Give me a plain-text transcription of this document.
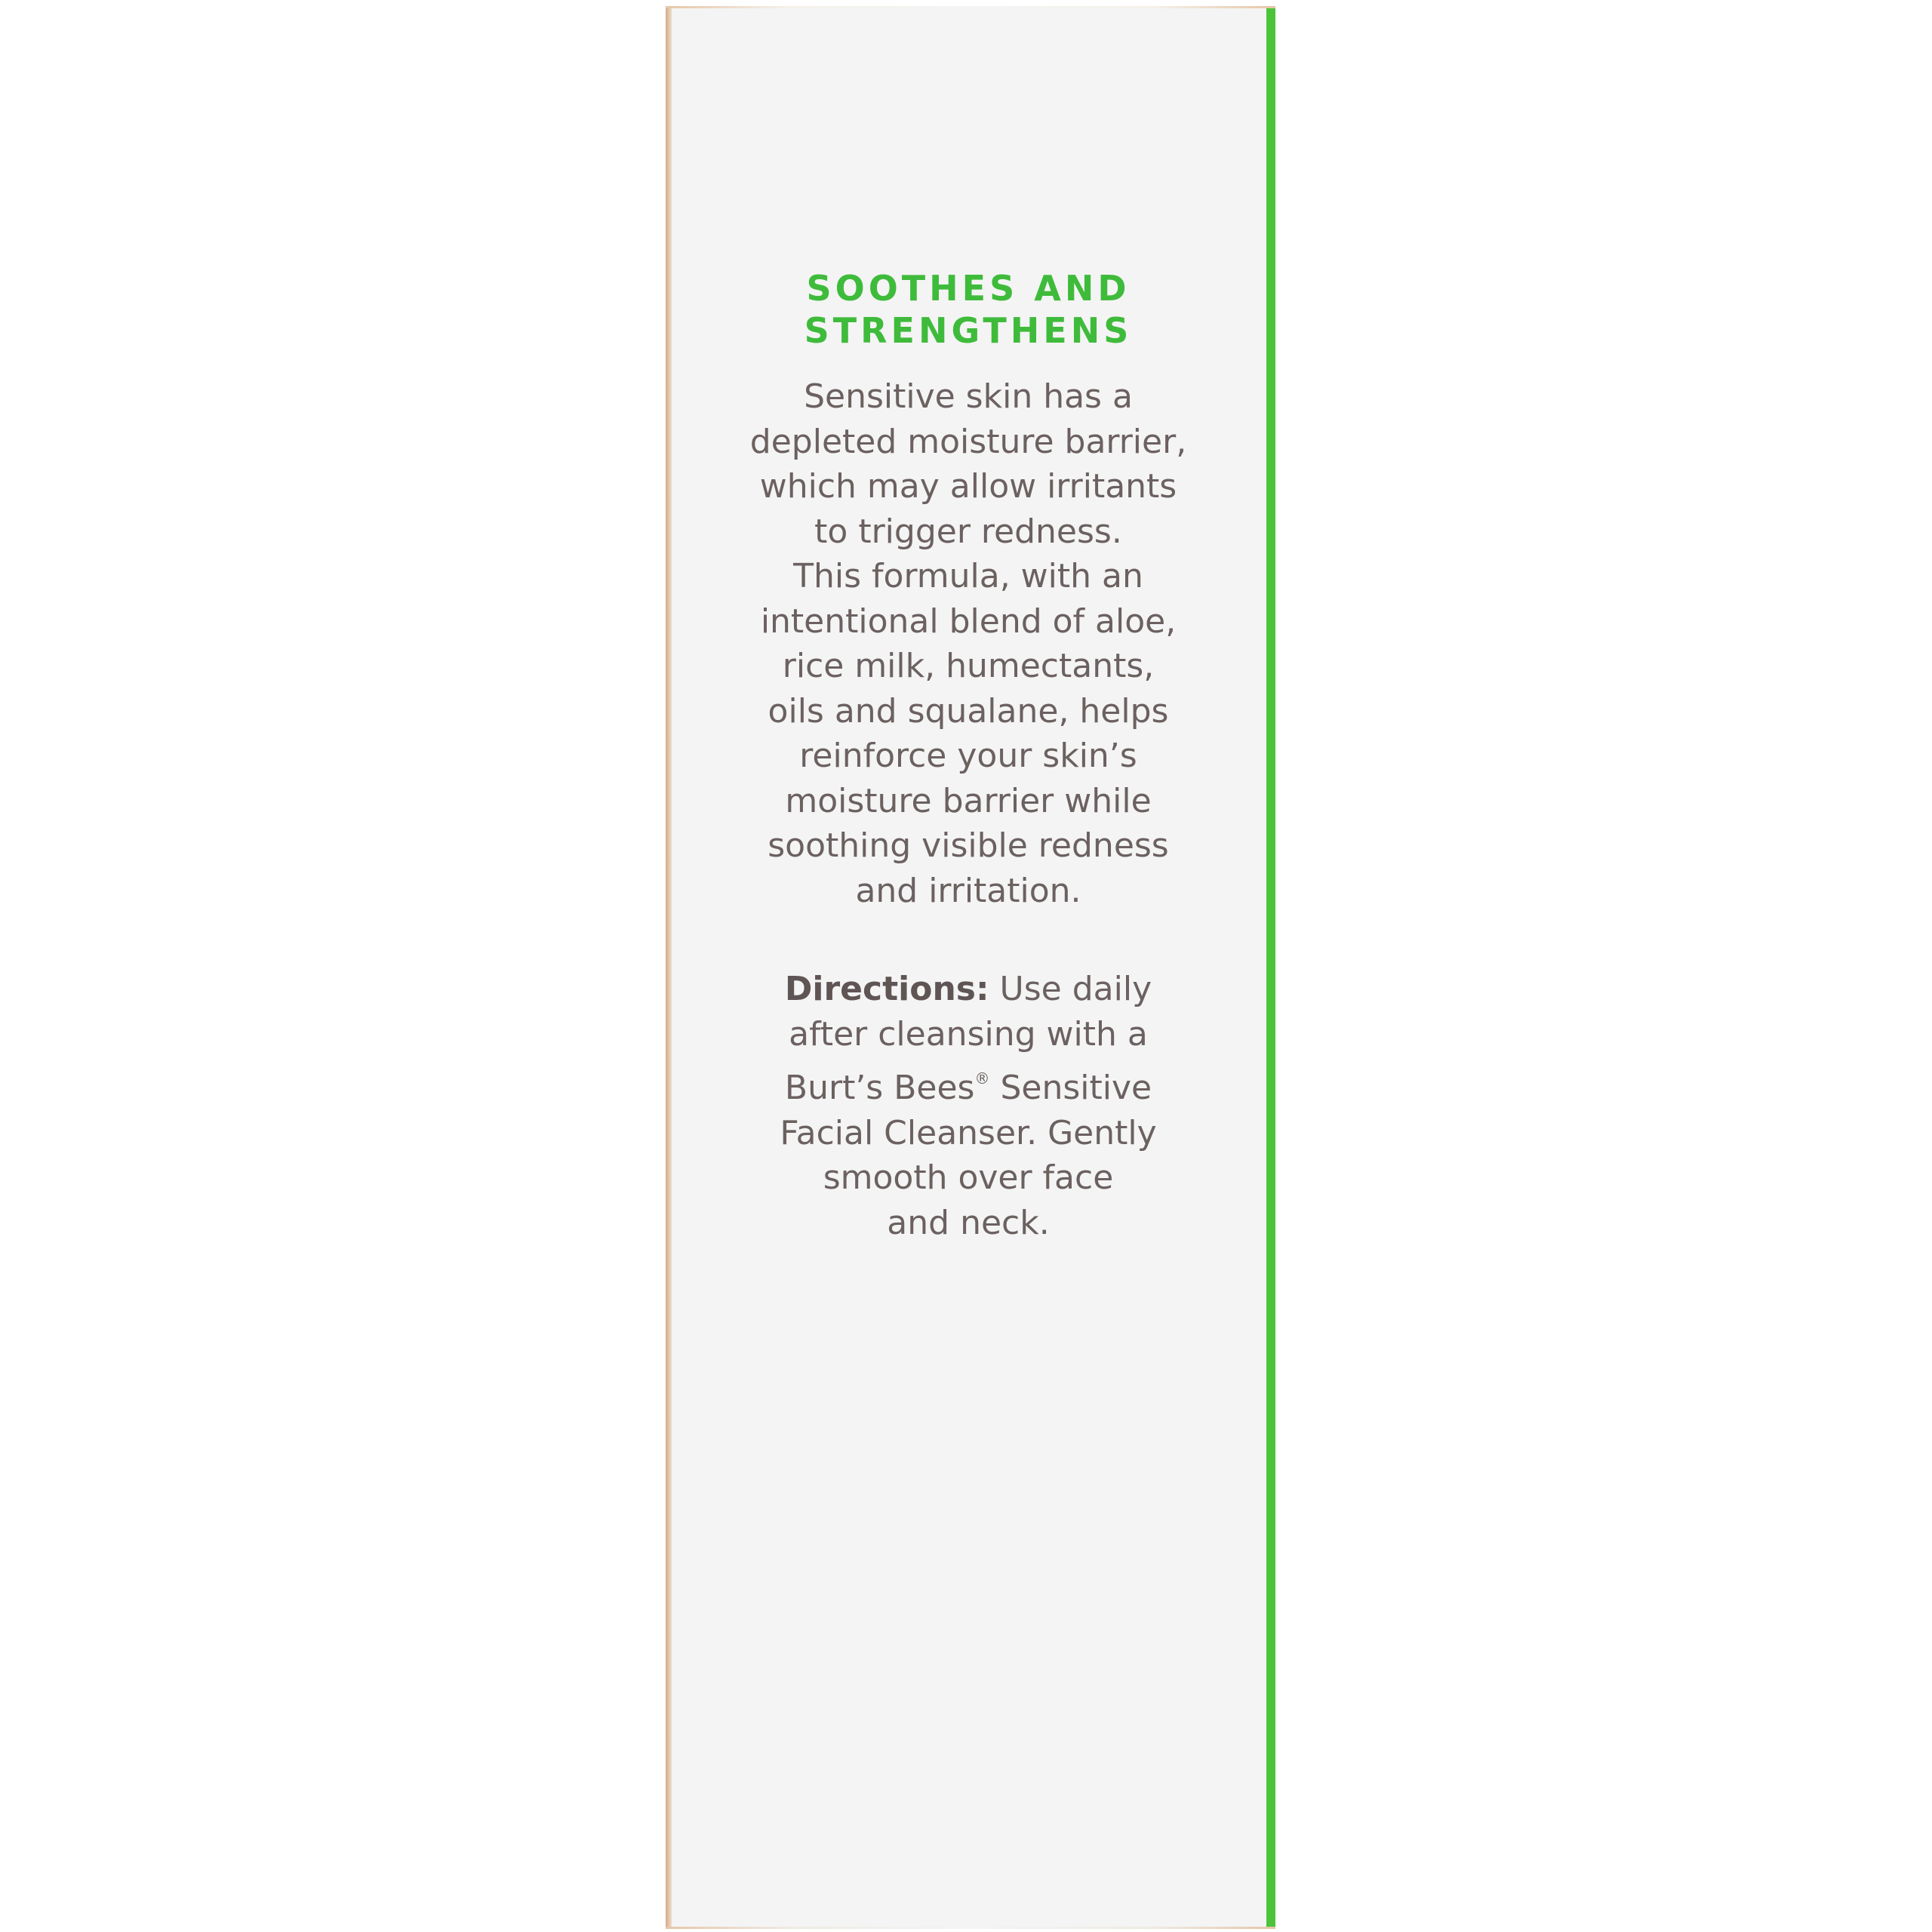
SOOTHES AND
STRENGTHENS

Sensitive skin has a
depleted moisture barrier,
which may allow irritants
to trigger redness.
This formula, with an
intentional blend of aloe,
rice milk, humectants,
oils and squalane, helps
reinforce your skin’s
moisture barrier while
soothing visible redness
and irritation.

Directions: Use daily
after cleansing with a
Burt’s Bees® Sensitive
Facial Cleanser. Gently
smooth over face
and neck.
